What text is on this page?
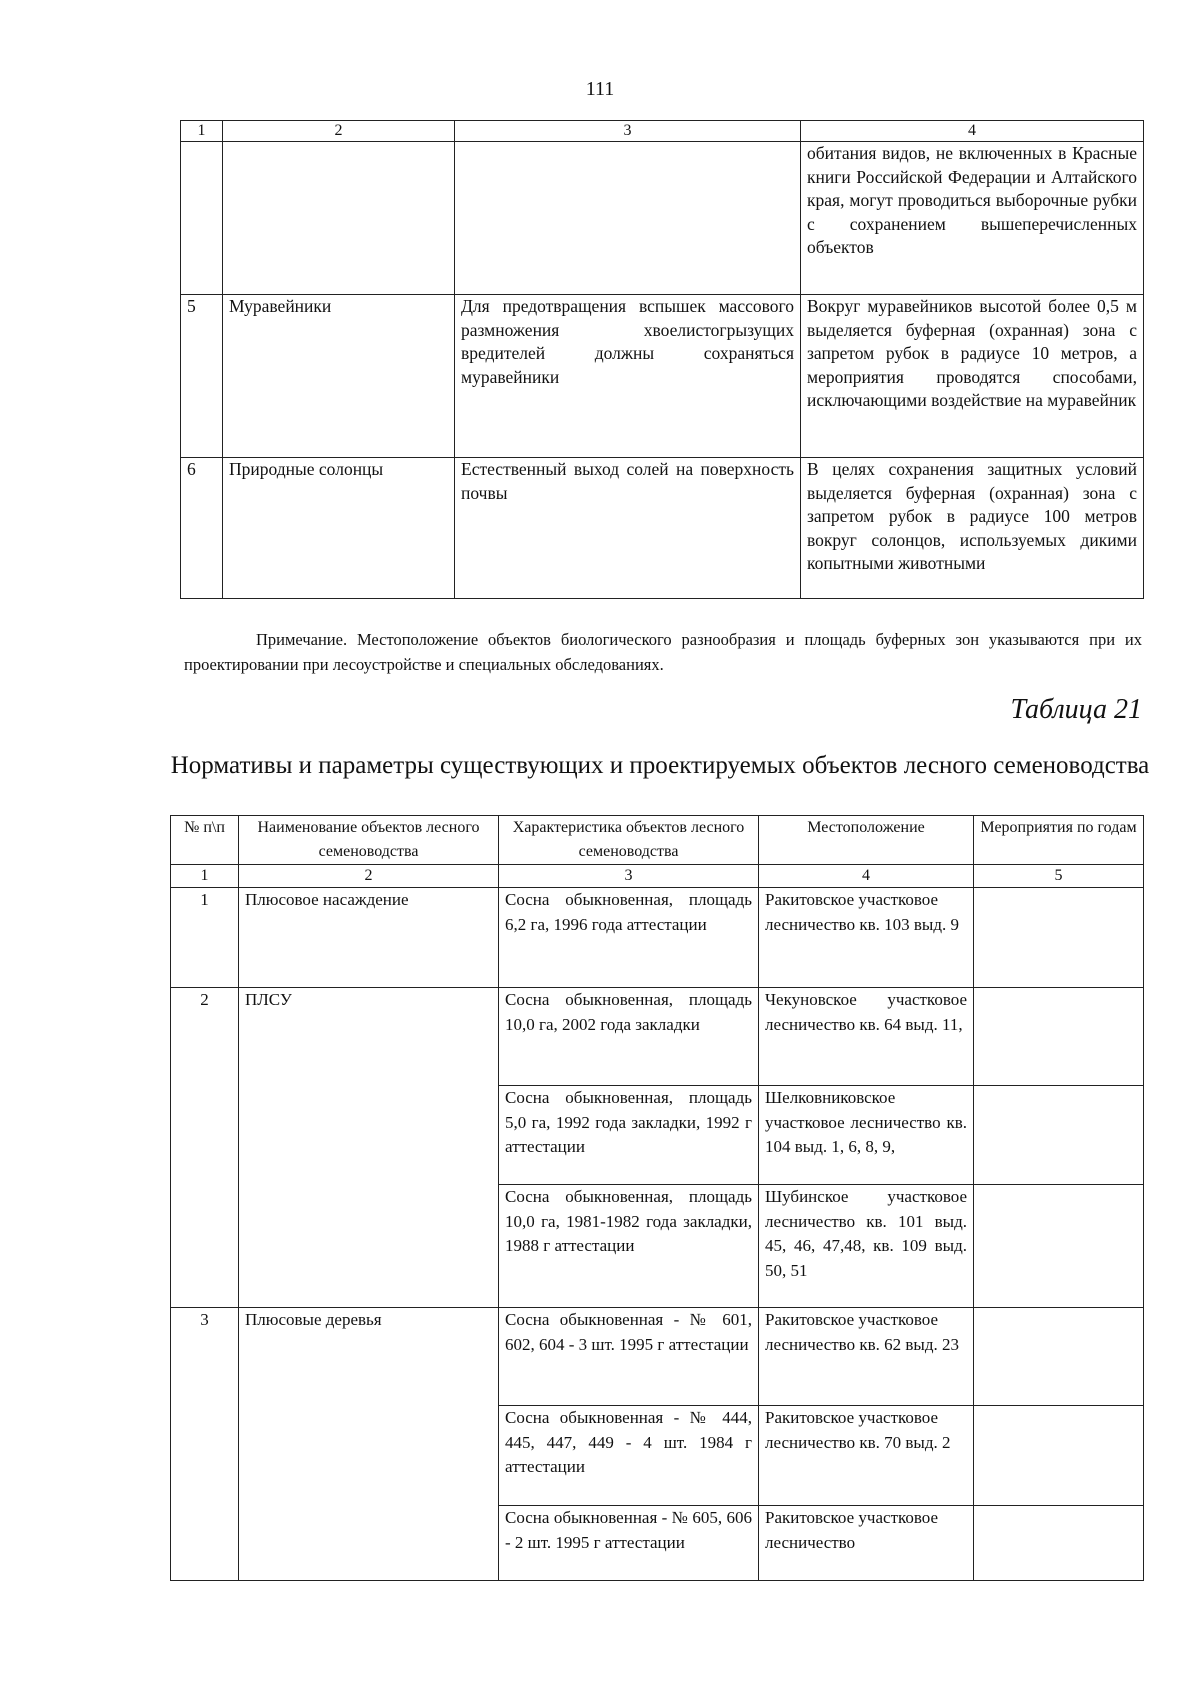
111
1	2	3	4
			обитания видов, не включенных в Красные книги Российской Федерации и Алтайского края, могут проводиться выборочные рубки с сохранением вышеперечисленных объектов
5	Муравейники	Для предотвращения вспышек массового размножения хвоелистогрызущих вредителей должны сохраняться муравейники	Вокруг муравейников высотой более 0,5 м выделяется буферная (охранная) зона с запретом рубок в радиусе 10 метров, а мероприятия проводятся способами, исключающими воздействие на муравейник
6	Природные солонцы	Естественный выход солей на поверхность почвы	В целях сохранения защитных условий выделяется буферная (охранная) зона с запретом рубок в радиусе 100 метров вокруг солонцов, используемых дикими копытными животными
Примечание. Местоположение объектов биологического разнообразия и площадь буферных зон указываются при их проектировании при лесоустройстве и специальных обследованиях.
Таблица 21
Нормативы и параметры существующих и проектируемых объектов лесного семеноводства
№ п\п	Наименование объектов лесного семеноводства	Характеристика объектов лесного семеноводства	Местоположение	Мероприятия по годам
1	2	3	4	5
1	Плюсовое насаждение	Сосна обыкновенная, площадь 6,2 га, 1996 года аттестации	Ракитовское участковое лесничество кв. 103 выд. 9	
2	ПЛСУ	Сосна обыкновенная, площадь 10,0 га, 2002 года закладки	Чекуновское участковое лесничество кв. 64 выд. 11,	
		Сосна обыкновенная, площадь 5,0 га, 1992 года закладки, 1992 г аттестации	Шелковниковское участковое лесничество кв. 104 выд. 1, 6, 8, 9,	
		Сосна обыкновенная, площадь 10,0 га, 1981-1982 года закладки, 1988 г аттестации	Шубинское участковое лесничество кв. 101 выд. 45, 46, 47,48, кв. 109 выд. 50, 51	
3	Плюсовые деревья	Сосна обыкновенная - № 601, 602, 604 - 3 шт. 1995 г аттестации	Ракитовское участковое лесничество кв. 62 выд. 23	
		Сосна обыкновенная - № 444, 445, 447, 449 - 4 шт. 1984 г аттестации	Ракитовское участковое лесничество кв. 70 выд. 2	
		Сосна обыкновенная - № 605, 606 - 2 шт. 1995 г аттестации	Ракитовское участковое лесничество	
